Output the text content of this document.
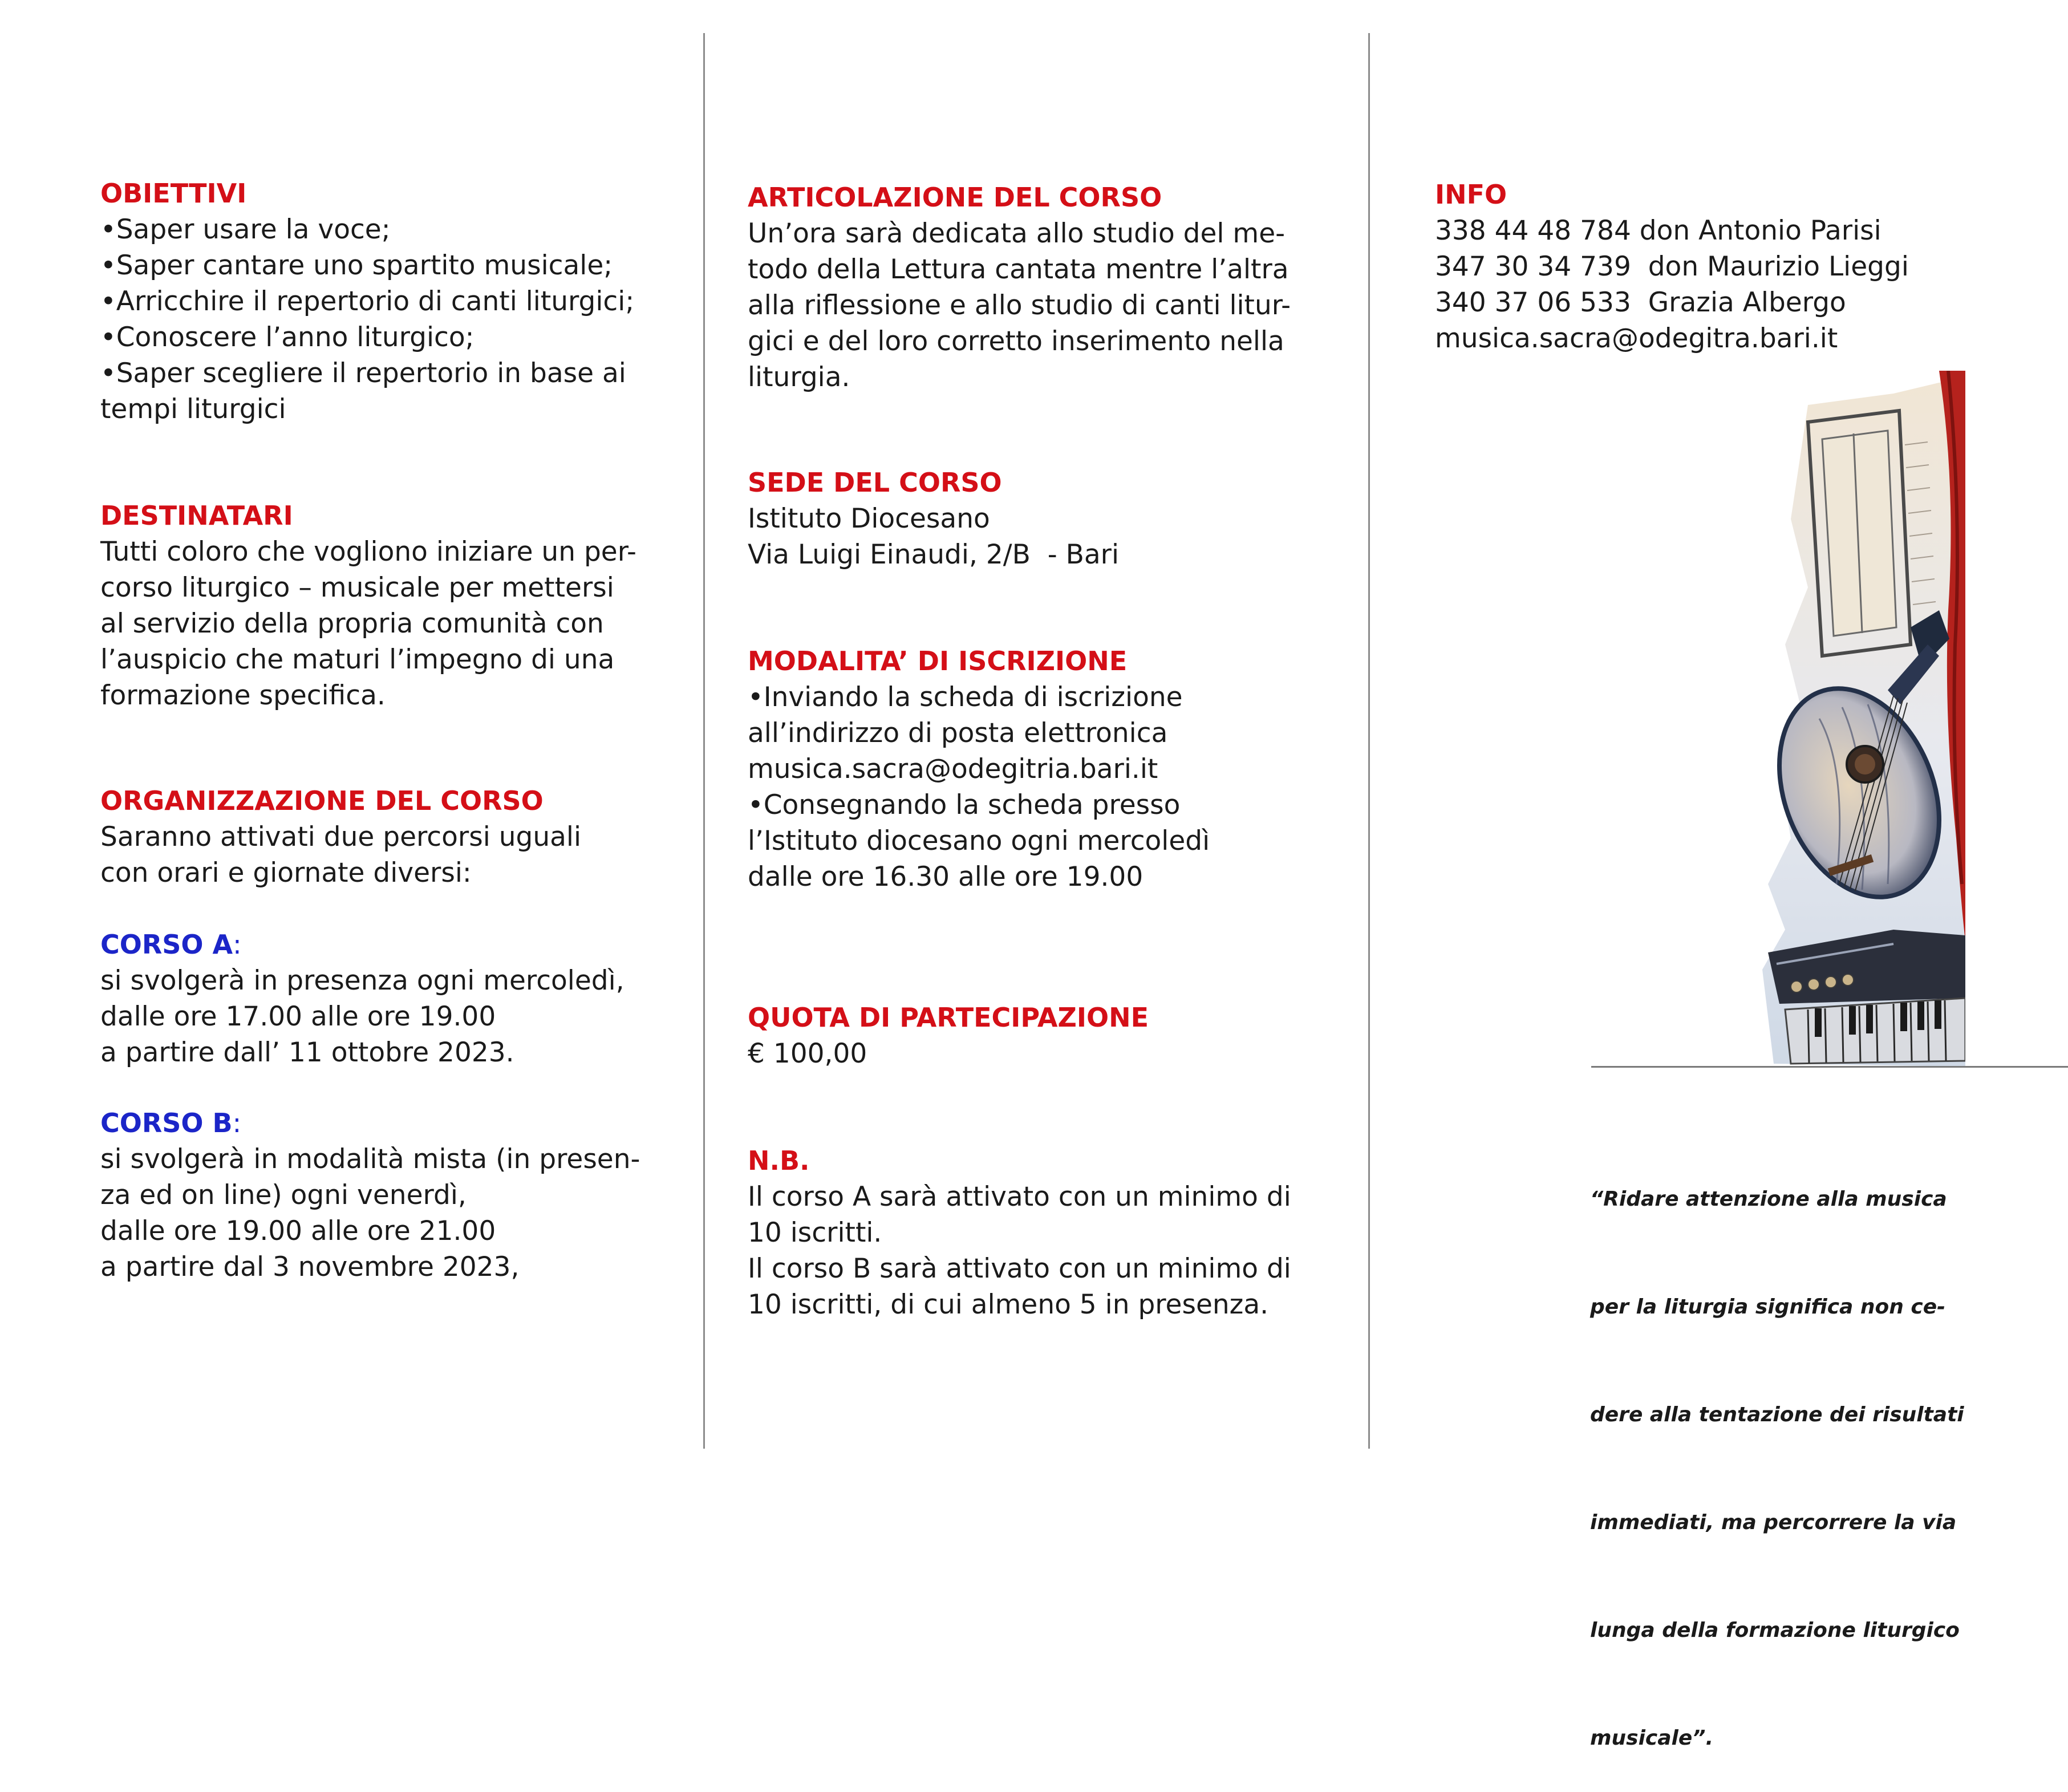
OBIETTIVI

•Saper usare la voce;

•Saper cantare uno spartito musicale;

•Arricchire il repertorio di canti liturgici;

•Conoscere l’anno liturgico;

•Saper scegliere il repertorio in base ai

tempi liturgici

DESTINATARI

Tutti coloro che vogliono iniziare un per-

corso liturgico – musicale per mettersi

al servizio della propria comunità con

l’auspicio che maturi l’impegno di una

formazione specifica.

ORGANIZZAZIONE DEL CORSO

Saranno attivati due percorsi uguali

con orari e giornate diversi:

CORSO A:

si svolgerà in presenza ogni mercoledì,

dalle ore 17.00 alle ore 19.00

a partire dall’ 11 ottobre 2023.

CORSO B:

si svolgerà in modalità mista (in presen-

za ed on line) ogni venerdì,

dalle ore 19.00 alle ore 21.00

a partire dal 3 novembre 2023,

ARTICOLAZIONE DEL CORSO

Un’ora sarà dedicata allo studio del me-

todo della Lettura cantata mentre l’altra

alla riflessione e allo studio di canti litur-

gici e del loro corretto inserimento nella

liturgia.

SEDE DEL CORSO

Istituto Diocesano

Via Luigi Einaudi, 2/B  - Bari

MODALITA’ DI ISCRIZIONE

•Inviando la scheda di iscrizione

all’indirizzo di posta elettronica

musica.sacra@odegitria.bari.it

•Consegnando la scheda presso

l’Istituto diocesano ogni mercoledì

dalle ore 16.30 alle ore 19.00

QUOTA DI PARTECIPAZIONE

€ 100,00

N.B.

Il corso A sarà attivato con un minimo di

10 iscritti.

Il corso B sarà attivato con un minimo di

10 iscritti, di cui almeno 5 in presenza.

INFO

338 44 48 784 don Antonio Parisi

347 30 34 739  don Maurizio Lieggi

340 37 06 533  Grazia Albergo

musica.sacra@odegitra.bari.it

“Ridare attenzione alla musica

per la liturgia significa non ce-

dere alla tentazione dei risultati

immediati, ma percorrere la via

lunga della formazione liturgico

musicale”.
